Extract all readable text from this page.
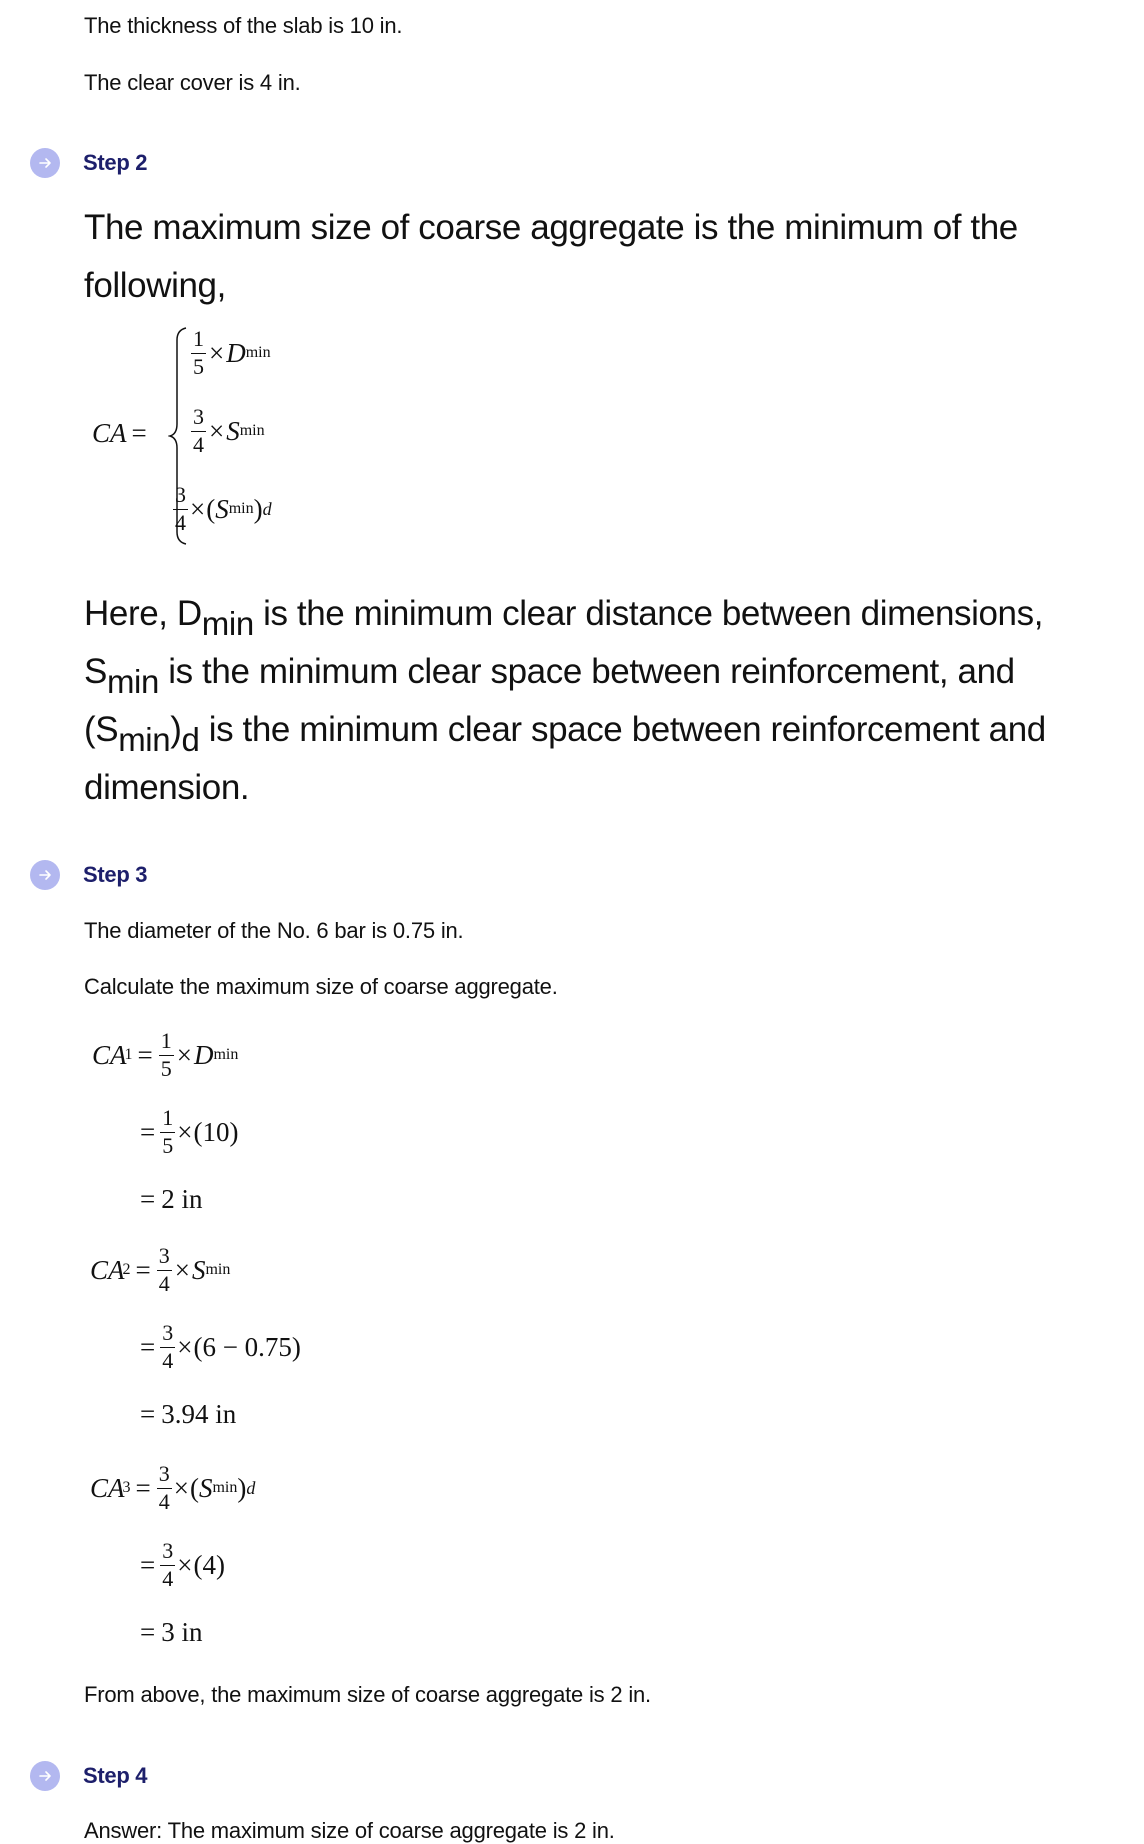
The thickness of the slab is 10 in.
The clear cover is 4 in.
Step 2
The maximum size of coarse aggregate is the minimum of the following,
CA =
$\frac{1}{5} \times D$ min
$\frac{3}{4} \times S$ min
$\frac{3}{4}$ × ( S min ) d
Here, $D_{min}$ is the minimum clear distance between dimensions,
$S_{min}$ is the minimum clear space between reinforcement, and
$(S_{min})_d$ is the minimum clear space between reinforcement and
dimension.
Step 3
The diameter of the No. 6 bar is 0.75 in.
Calculate the maximum size of coarse aggregate.
CA
$1 = \frac{1}{5} \times D$ min
= $\frac{1}{5} \times (10)$
= 2 in
CA
$2 = \frac{3}{4} \times S$ min
= $\frac{3}{4} \times (6 - 0.75)$
= 3.94 in
CA
$3 = \frac{3}{4}$ × ( S min ) d
= $\frac{3}{4} \times (4)$
= 3 in
From above, the maximum size of coarse aggregate is 2 in.
Step 4
Answer: The maximum size of coarse aggregate is 2 in.
